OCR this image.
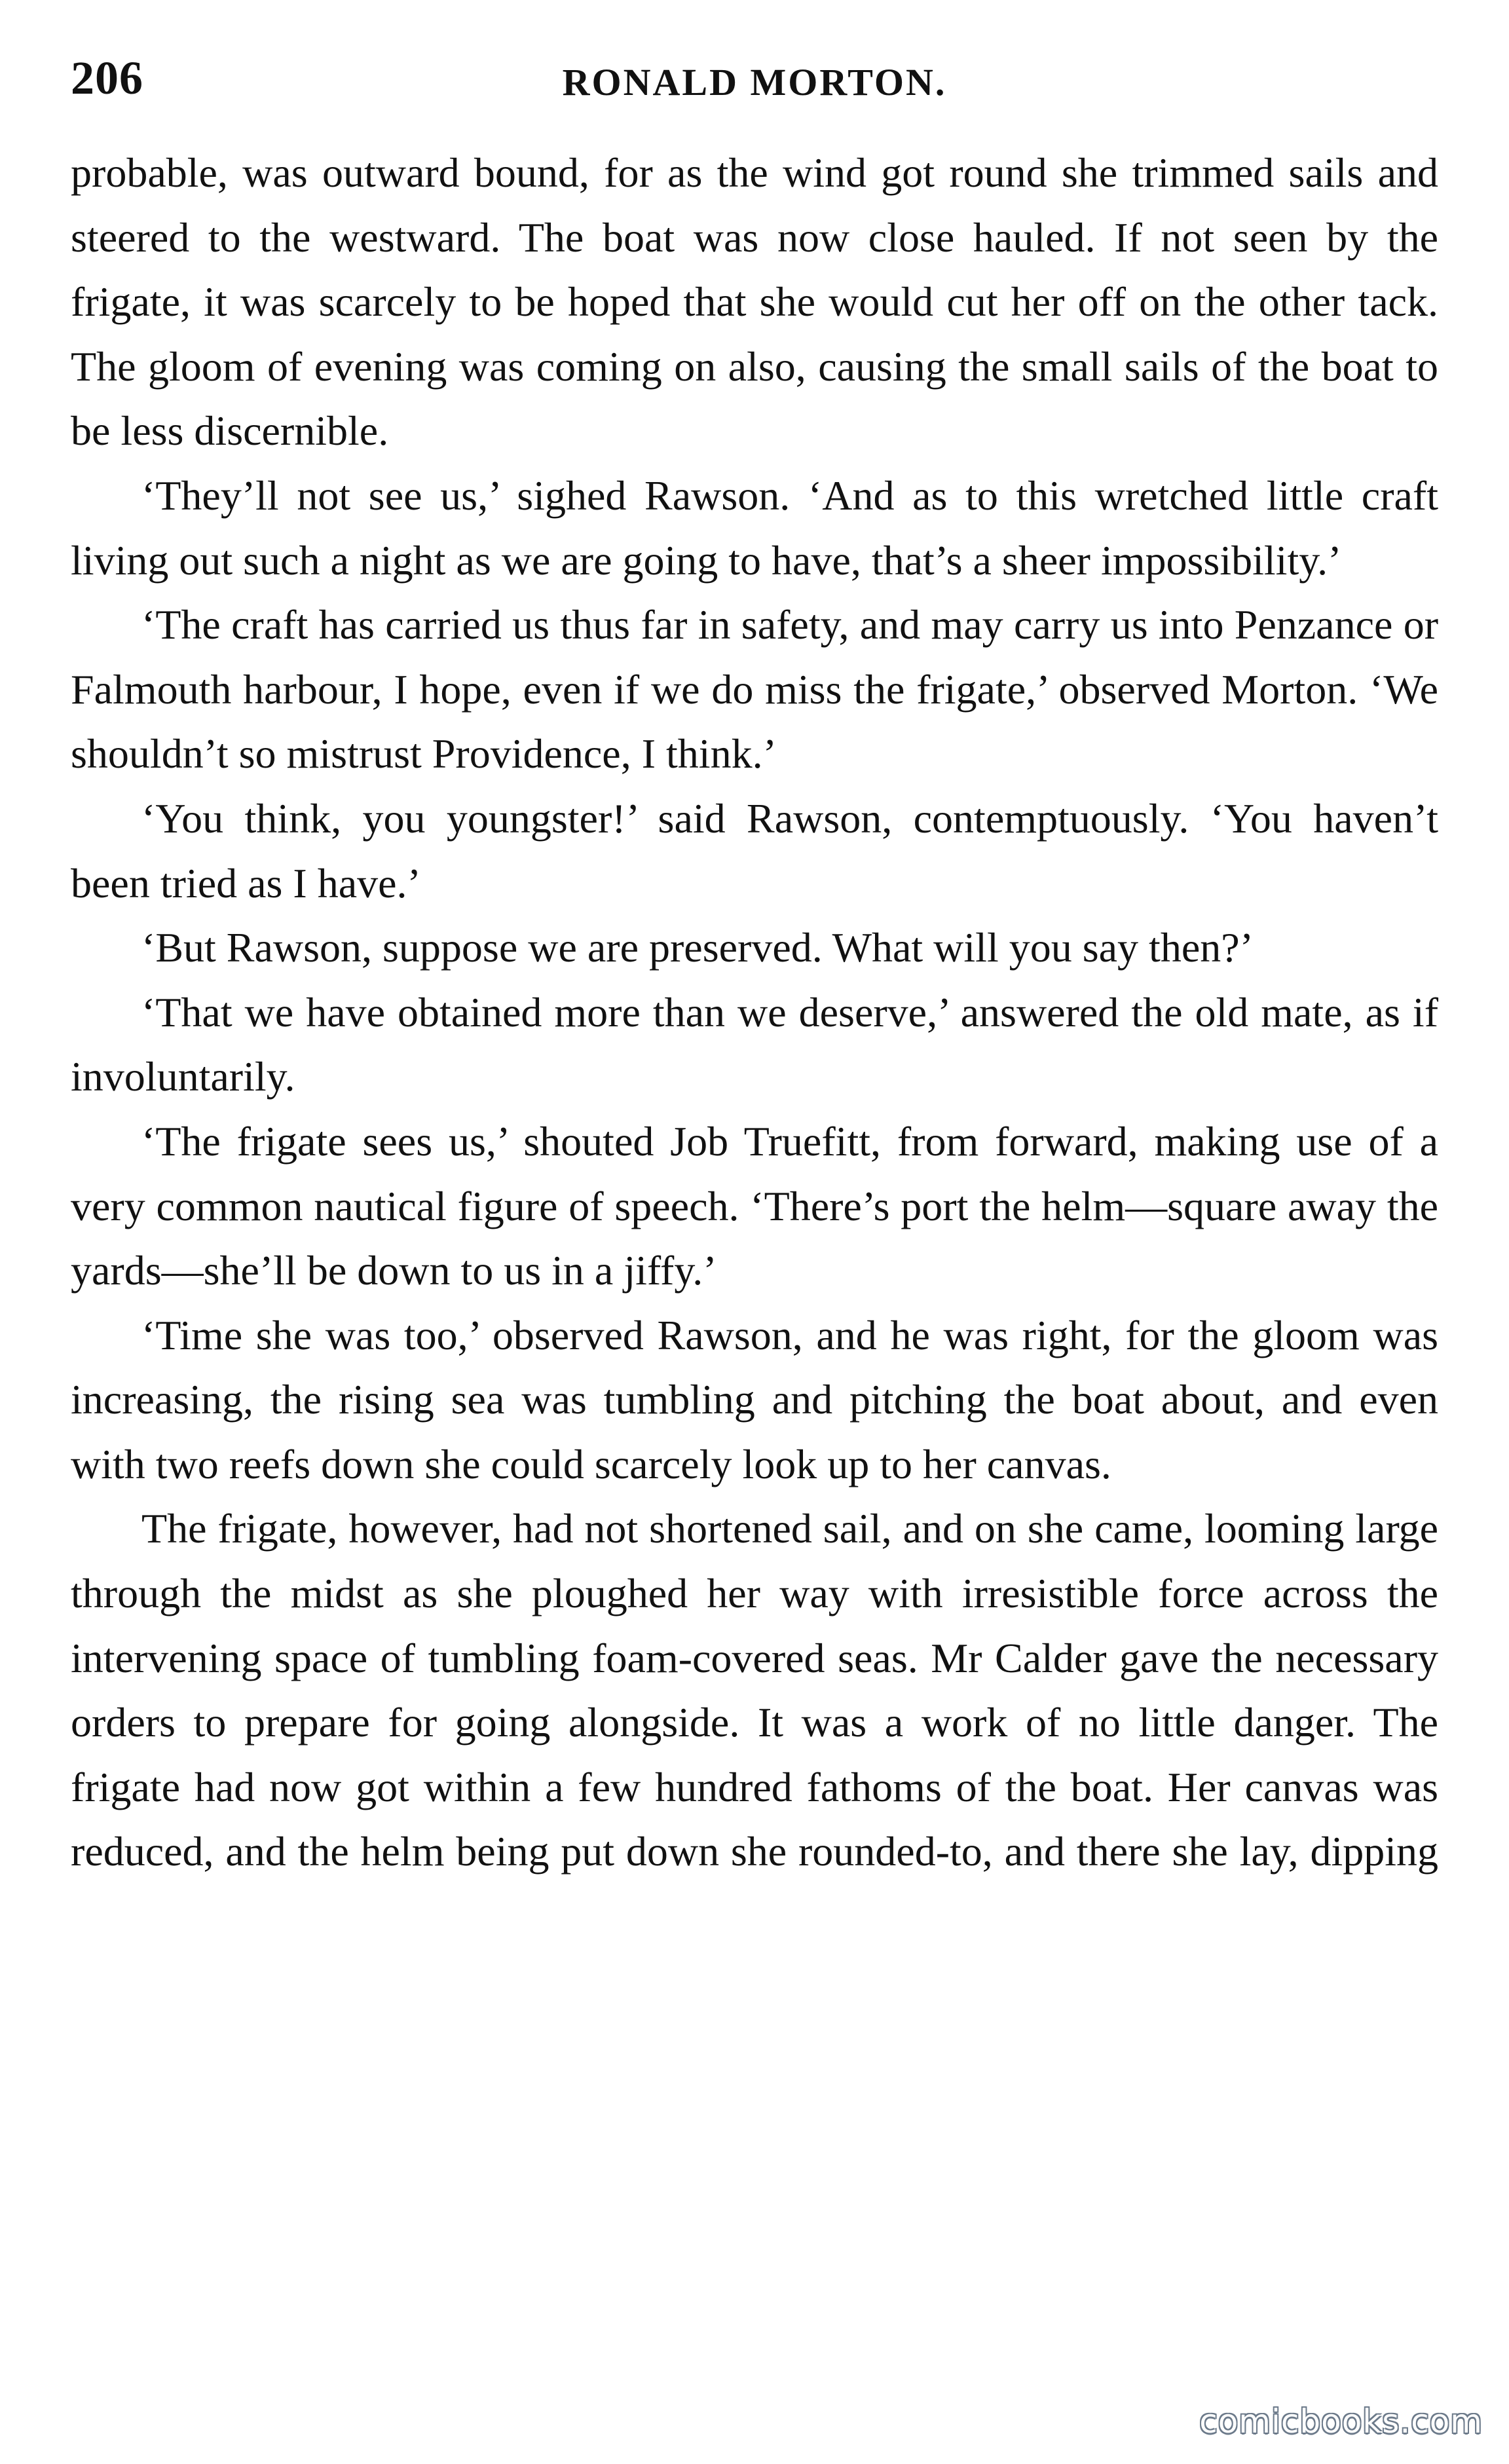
206	RONALD MORTON.

probable, was outward bound, for as the wind got round she trimmed sails and steered to the westward. The boat was now close hauled. If not seen by the frigate, it was scarcely to be hoped that she would cut her off on the other tack. The gloom of evening was coming on also, causing the small sails of the boat to be less discernible.

‘They’ll not see us,’ sighed Rawson. ‘And as to this wretched little craft living out such a night as we are going to have, that’s a sheer impossibility.’

‘The craft has carried us thus far in safety, and may carry us into Penzance or Falmouth harbour, I hope, even if we do miss the frigate,’ observed Morton. ‘We shouldn’t so mistrust Providence, I think.’

‘You think, you youngster!’ said Rawson, contemptuously. ‘You haven’t been tried as I have.’

‘But Rawson, suppose we are preserved. What will you say then?’

‘That we have obtained more than we deserve,’ answered the old mate, as if involuntarily.

‘The frigate sees us,’ shouted Job Truefitt, from forward, making use of a very common nautical figure of speech. ‘There’s port the helm—square away the yards—she’ll be down to us in a jiffy.’

‘Time she was too,’ observed Rawson, and he was right, for the gloom was increasing, the rising sea was tumbling and pitching the boat about, and even with two reefs down she could scarcely look up to her canvas.

The frigate, however, had not shortened sail, and on she came, looming large through the midst as she ploughed her way with irresistible force across the intervening space of tumbling foam-covered seas. Mr Calder gave the necessary orders to prepare for going alongside. It was a work of no little danger. The frigate had now got within a few hundred fathoms of the boat. Her canvas was reduced, and the helm being put down she rounded-to, and there she lay, dipping

comicbooks.com
